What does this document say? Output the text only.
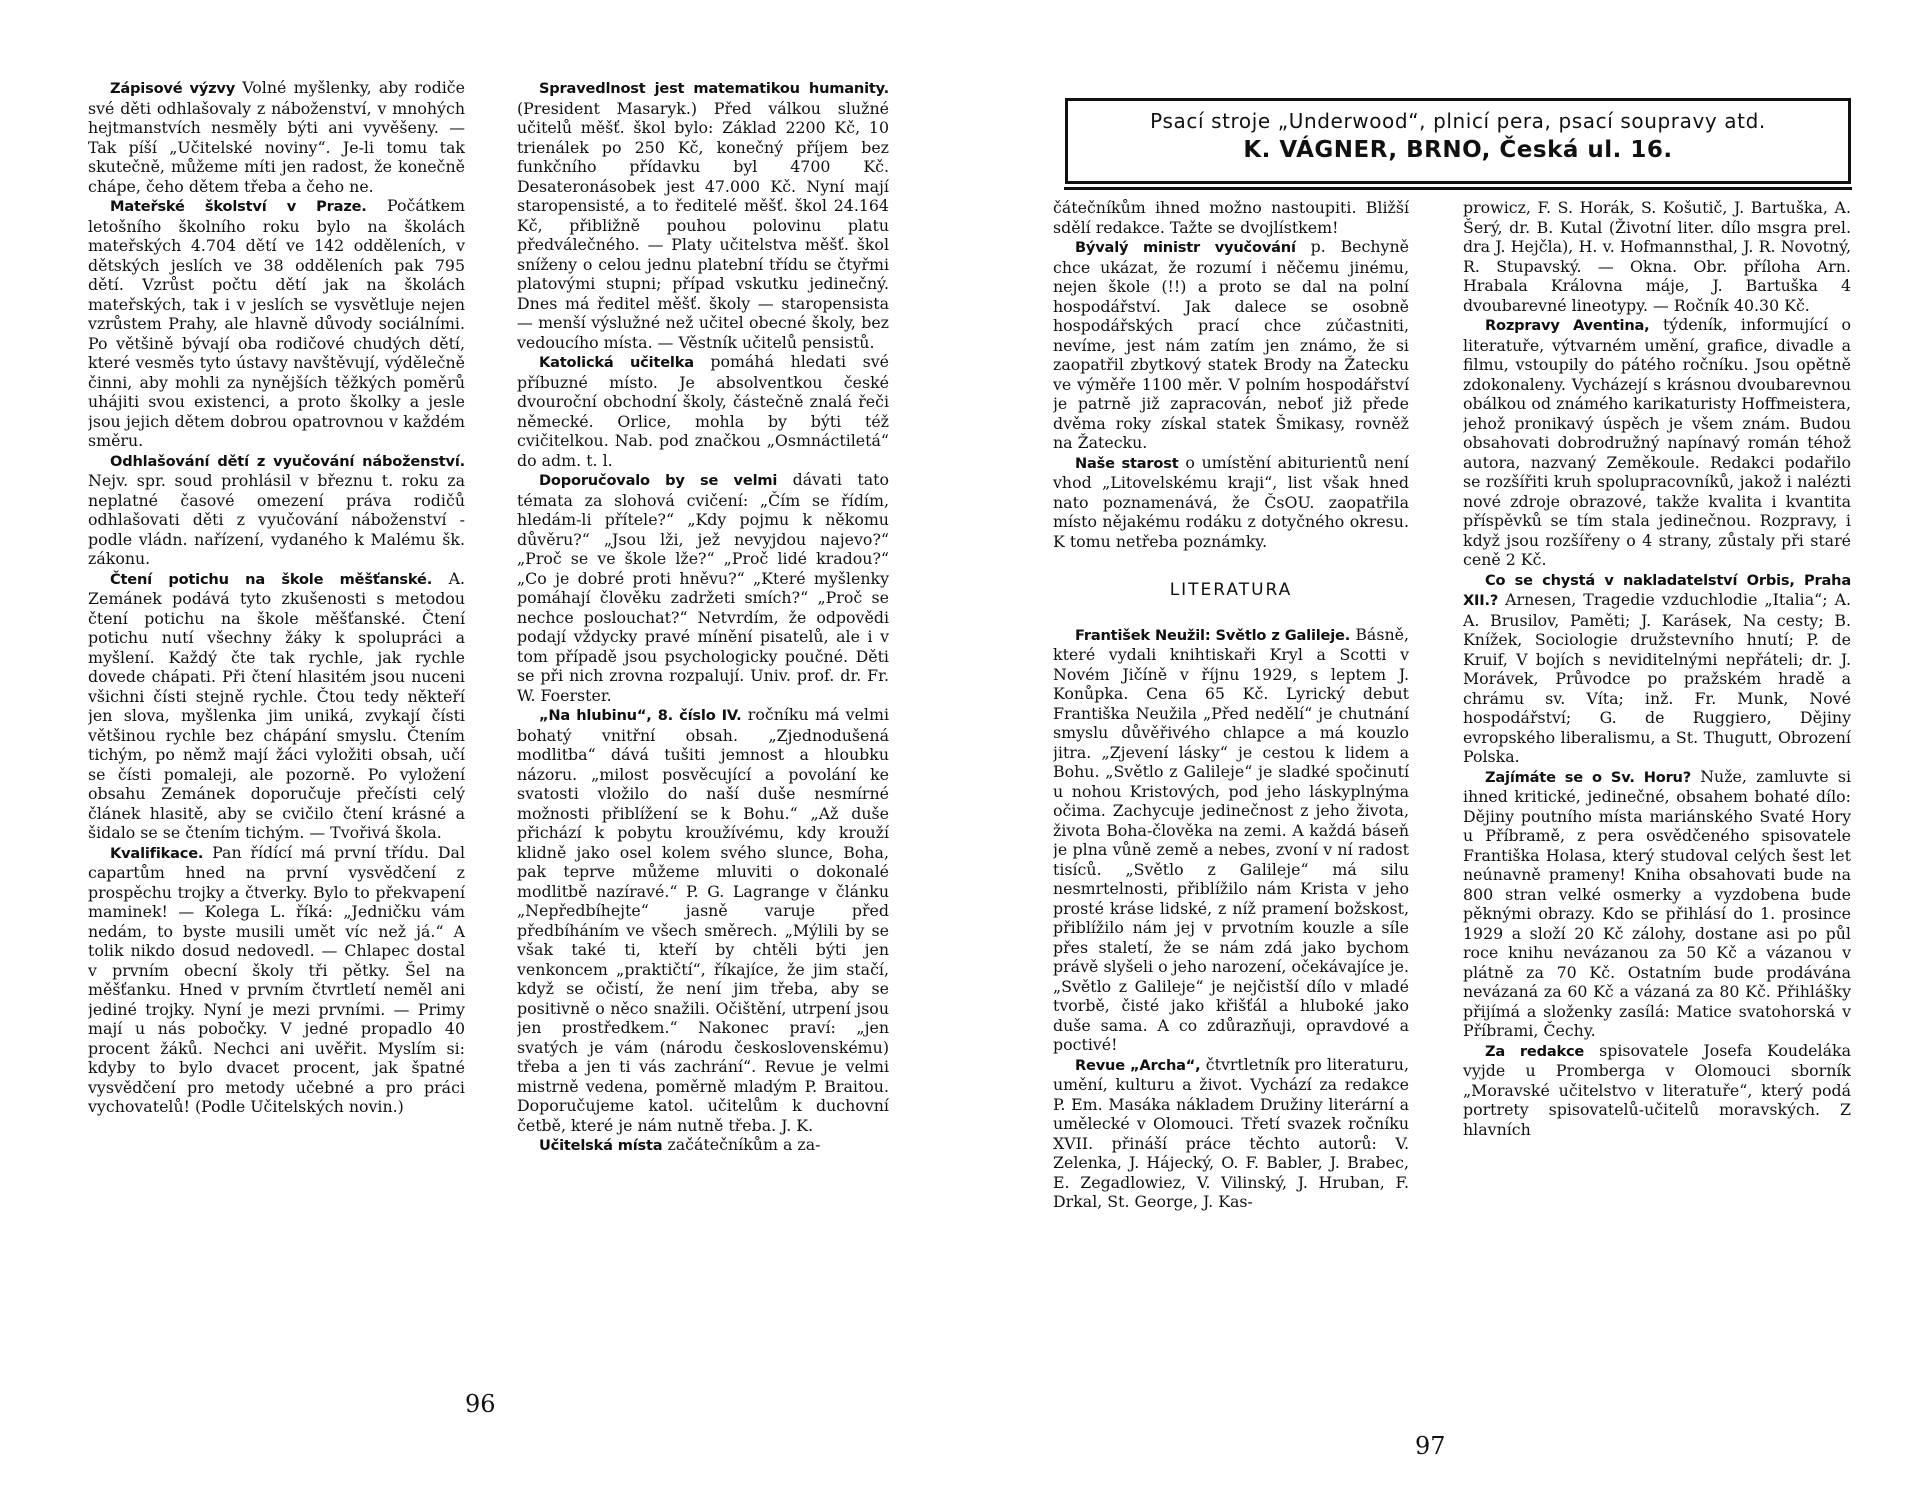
Zápisové výzvy Volné myšlenky, aby rodiče své děti odhlašovaly z náboženství, v mnohých hejtmanstvích nesměly býti ani vyvěšeny. — Tak píší „Učitelské noviny“. Je-li tomu tak skutečně, můžeme míti jen radost, že konečně chápe, čeho dětem třeba a čeho ne.

Mateřské školství v Praze. Počátkem letošního školního roku bylo na školách mateřských 4.704 dětí ve 142 odděleních, v dětských jeslích ve 38 odděleních pak 795 dětí. Vzrůst počtu dětí jak na školách mateřských, tak i v jeslích se vysvětluje nejen vzrůstem Prahy, ale hlavně důvody sociálními. Po většině bývají oba rodičové chudých dětí, které vesměs tyto ústavy navštěvují, výdělečně činni, aby mohli za nynějších těžkých poměrů uhájiti svou existenci, a proto školky a jesle jsou jejich dětem dobrou opatrovnou v každém směru.

Odhlašování dětí z vyučování náboženství. Nejv. spr. soud prohlásil v březnu t. roku za neplatné časové omezení práva rodičů odhlašovati děti z vyučování náboženství - podle vládn. nařízení, vydaného k Malému šk. zákonu.

Čtení potichu na škole měšťanské. A. Zemánek podává tyto zkušenosti s metodou čtení potichu na škole měšťanské. Čtení potichu nutí všechny žáky k spolupráci a myšlení. Každý čte tak rychle, jak rychle dovede chápati. Při čtení hlasitém jsou nuceni všichni čísti stejně rychle. Čtou tedy někteří jen slova, myšlenka jim uniká, zvykají čísti většinou rychle bez chápání smyslu. Čtením tichým, po němž mají žáci vyložiti obsah, učí se čísti pomaleji, ale pozorně. Po vyložení obsahu Zemánek doporučuje přečísti celý článek hlasitě, aby se cvičilo čtení krásné a šidalo se se čtením tichým. — Tvořivá škola.

Kvalifikace. Pan řídící má první třídu. Dal capartům hned na první vysvědčení z prospěchu trojky a čtverky. Bylo to překvapení maminek! — Kolega L. říká: „Jedničku vám nedám, to byste musili umět víc než já.“ A tolik nikdo dosud nedovedl. — Chlapec dostal v prvním obecní školy tři pětky. Šel na měšťanku. Hned v prvním čtvrtletí neměl ani jediné trojky. Nyní je mezi prvními. — Primy mají u nás pobočky. V jedné propadlo 40 procent žáků. Nechci ani uvěřit. Myslím si: kdyby to bylo dvacet procent, jak špatné vysvědčení pro metody učebné a pro práci vychovatelů! (Podle Učitelských novin.)

Spravedlnost jest matematikou humanity. (President Masaryk.) Před válkou služné učitelů měšť. škol bylo: Základ 2200 Kč, 10 trienálek po 250 Kč, konečný příjem bez funkčního přídavku byl 4700 Kč. Desateronásobek jest 47.000 Kč. Nyní mají staropensisté, a to ředitelé měšť. škol 24.164 Kč, přibližně pouhou polovinu platu předválečného. — Platy učitelstva měšť. škol sníženy o celou jednu platební třídu se čtyřmi platovými stupni; případ vskutku jedinečný. Dnes má ředitel měšť. školy — staropensista — menší výslužné než učitel obecné školy, bez vedoucího místa. — Věstník učitelů pensistů.

Katolická učitelka pomáhá hledati své příbuzné místo. Je absolventkou české dvouroční obchodní školy, částečně znalá řeči německé. Orlice, mohla by býti též cvičitelkou. Nab. pod značkou „Osmnáctiletá“ do adm. t. l.

Doporučovalo by se velmi dávati tato témata za slohová cvičení: „Čím se řídím, hledám-li přítele?“ „Kdy pojmu k někomu důvěru?“ „Jsou lži, jež nevyjdou najevo?“ „Proč se ve škole lže?“ „Proč lidé kradou?“ „Co je dobré proti hněvu?“ „Které myšlenky pomáhají člověku zadržeti smích?“ „Proč se nechce poslouchat?“ Netvrdím, že odpovědi podají vždycky pravé mínění pisatelů, ale i v tom případě jsou psychologicky poučné. Děti se při nich zrovna rozpalují. Univ. prof. dr. Fr. W. Foerster.

„Na hlubinu“, 8. číslo IV. ročníku má velmi bohatý vnitřní obsah. „Zjednodušená modlitba“ dává tušiti jemnost a hloubku názoru. „milost posvěcující a povolání ke svatosti vložilo do naší duše nesmírné možnosti přiblížení se k Bohu.“ „Až duše přichází k pobytu kroužívému, kdy krouží klidně jako osel kolem svého slunce, Boha, pak teprve můžeme mluviti o dokonalé modlitbě nazíravé.“ P. G. Lagrange v článku „Nepředbíhejte“ jasně varuje před předbíháním ve všech směrech. „Mýlili by se však také ti, kteří by chtěli býti jen venkoncem „praktičtí“, říkajíce, že jim stačí, když se očistí, že není jim třeba, aby se positivně o něco snažili. Očištění, utrpení jsou jen prostředkem.“ Nakonec praví: „jen svatých je vám (národu československému) třeba a jen ti vás zachrání“. Revue je velmi mistrně vedena, poměrně mladým P. Braitou. Doporučujeme katol. učitelům k duchovní četbě, které je nám nutně třeba. J. K.

Učitelská místa začátečníkům a za-

96
Psací stroje „Underwood“, plnicí pera, psací soupravy atd.
K. VÁGNER, BRNO, Česká ul. 16.

čátečníkům ihned možno nastoupiti. Bližší sdělí redakce. Tažte se dvojlístkem!

Bývalý ministr vyučování p. Bechyně chce ukázat, že rozumí i něčemu jinému, nejen škole (!!) a proto se dal na polní hospodářství. Jak dalece se osobně hospodářských prací chce zúčastniti, nevíme, jest nám zatím jen známo, že si zaopatřil zbytkový statek Brody na Žatecku ve výměře 1100 měr. V polním hospodářství je patrně již zapracován, neboť již přede dvěma roky získal statek Šmikasy, rovněž na Žatecku.

Naše starost o umístění abiturientů není vhod „Litovelskému kraji“, list však hned nato poznamenává, že ČsOU. zaopatřila místo nějakému rodáku z dotyčného okresu. K tomu netřeba poznámky.

LITERATURA

František Neužil: Světlo z Galileje. Básně, které vydali knihtiskaři Kryl a Scotti v Novém Jičíně v říjnu 1929, s leptem J. Konůpka. Cena 65 Kč. Lyrický debut Františka Neužila „Před nedělí“ je chutnání smyslu důvěřivého chlapce a má kouzlo jitra. „Zjevení lásky“ je cestou k lidem a Bohu. „Světlo z Galileje“ je sladké spočinutí u nohou Kristových, pod jeho láskyplnýma očima. Zachycuje jedinečnost z jeho života, života Boha-člověka na zemi. A každá báseň je plna vůně země a nebes, zvoní v ní radost tisíců. „Světlo z Galileje“ má silu nesmrtelnosti, přiblížilo nám Krista v jeho prosté kráse lidské, z níž pramení božskost, přiblížilo nám jej v prvotním kouzle a síle přes staletí, že se nám zdá jako bychom právě slyšeli o jeho narození, očekávajíce je. „Světlo z Galileje“ je nejčistší dílo v mladé tvorbě, čisté jako křišťál a hluboké jako duše sama. A co zdůrazňuji, opravdové a poctivé!

Revue „Archa“, čtvrtletník pro literaturu, umění, kulturu a život. Vychází za redakce P. Em. Masáka nákladem Družiny literární a umělecké v Olomouci. Třetí svazek ročníku XVII. přináší práce těchto autorů: V. Zelenka, J. Hájecký, O. F. Babler, J. Brabec, E. Zegadlowiez, V. Vilinský, J. Hruban, F. Drkal, St. George, J. Kas-

prowicz, F. S. Horák, S. Košutič, J. Bartuška, A. Šerý, dr. B. Kutal (Životní liter. dílo msgra prel. dra J. Hejčla), H. v. Hofmannsthal, J. R. Novotný, R. Stupavský. — Okna. Obr. příloha Arn. Hrabala Královna máje, J. Bartuška 4 dvoubarevné lineotypy. — Ročník 40.30 Kč.

Rozpravy Aventina, týdeník, informující o literatuře, výtvarném umění, grafice, divadle a filmu, vstoupily do pátého ročníku. Jsou opětně zdokonaleny. Vycházejí s krásnou dvoubarevnou obálkou od známého karikaturisty Hoffmeistera, jehož pronikavý úspěch je všem znám. Budou obsahovati dobrodružný napínavý román téhož autora, nazvaný Zeměkoule. Redakci podařilo se rozšířiti kruh spolupracovníků, jakož i nalézti nové zdroje obrazové, takže kvalita i kvantita příspěvků se tím stala jedinečnou. Rozpravy, i když jsou rozšířeny o 4 strany, zůstaly při staré ceně 2 Kč.

Co se chystá v nakladatelství Orbis, Praha XII.? Arnesen, Tragedie vzduchlodie „Italia“; A. A. Brusilov, Paměti; J. Karásek, Na cesty; B. Knížek, Sociologie družstevního hnutí; P. de Kruif, V bojích s neviditelnými nepřáteli; dr. J. Morávek, Průvodce po pražském hradě a chrámu sv. Víta; inž. Fr. Munk, Nové hospodářství; G. de Ruggiero, Dějiny evropského liberalismu, a St. Thugutt, Obrození Polska.

Zajímáte se o Sv. Horu? Nuže, zamluvte si ihned kritické, jedinečné, obsahem bohaté dílo: Dějiny poutního místa mariánského Svaté Hory u Příbramě, z pera osvědčeného spisovatele Františka Holasa, který studoval celých šest let neúnavně prameny! Kniha obsahovati bude na 800 stran velké osmerky a vyzdobena bude pěknými obrazy. Kdo se přihlásí do 1. prosince 1929 a složí 20 Kč zálohy, dostane asi po půl roce knihu nevázanou za 50 Kč a vázanou v plátně za 70 Kč. Ostatním bude prodávána nevázaná za 60 Kč a vázaná za 80 Kč. Přihlášky přijímá a složenky zasílá: Matice svatohorská v Příbrami, Čechy.

Za redakce spisovatele Josefa Koudeláka vyjde u Promberga v Olomouci sborník „Moravské učitelstvo v literatuře“, který podá portrety spisovatelů-učitelů moravských. Z hlavních

97
